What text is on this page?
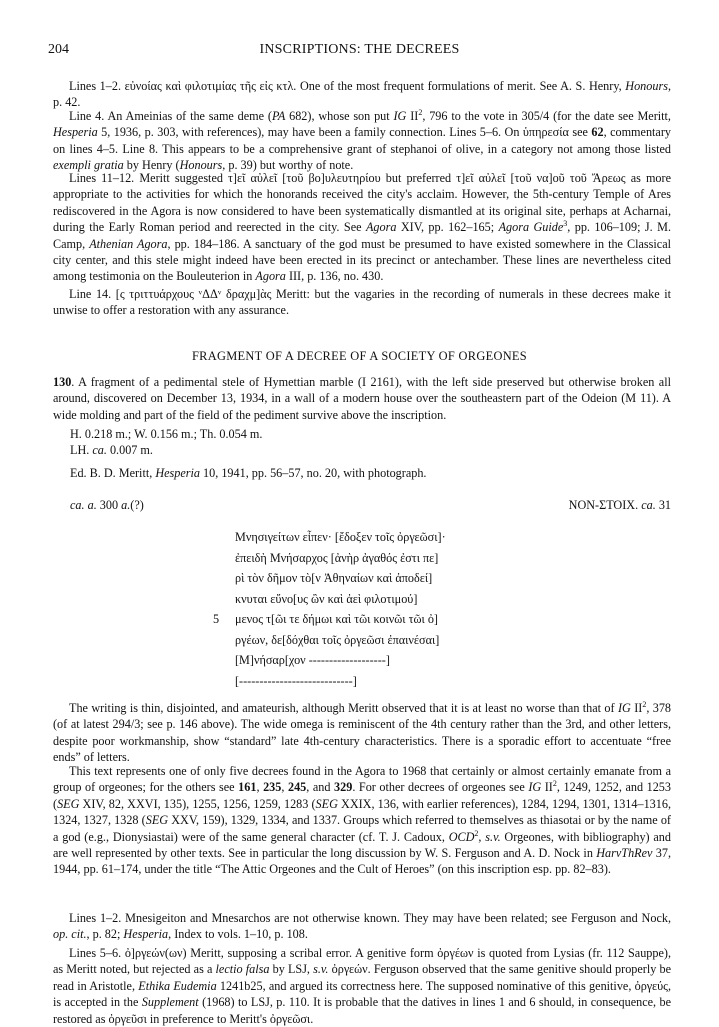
204	INSCRIPTIONS: THE DECREES

Lines 1–2. εὐνοίας καὶ φιλοτιμίας τῆς εἰς κτλ. One of the most frequent formulations of merit. See A. S. Henry, Honours, p. 42.

Line 4. An Ameinias of the same deme (PA 682), whose son put IG $II^2$, 796 to the vote in 305/4 (for the date see Meritt, Hesperia 5, 1936, p. 303, with references), may have been a family connection. Lines 5–6. On ὑπηρεσία see 62, commentary on lines 4–5. Line 8. This appears to be a comprehensive grant of stephanoi of olive, in a category not among those listed exempli gratia by Henry (Honours, p. 39) but worthy of note.

Lines 11–12. Meritt suggested τ]εῖ αὐλεῖ [τοῦ βο]υλευτηρίου but preferred τ]εῖ αὐλεῖ [τοῦ να]οῦ τοῦ Ἄρεως as more appropriate to the activities for which the honorands received the city's acclaim. However, the 5th-century Temple of Ares rediscovered in the Agora is now considered to have been systematically dismantled at its original site, perhaps at Acharnai, during the Early Roman period and reerected in the city. See Agora XIV, pp. 162–165; Agora Guide$^3$, pp. 106–109; J. M. Camp, Athenian Agora, pp. 184–186. A sanctuary of the god must be presumed to have existed somewhere in the Classical city center, and this stele might indeed have been erected in its precinct or antechamber. These lines are nevertheless cited among testimonia on the Bouleuterion in Agora III, p. 136, no. 430.

Line 14. [ς τριττυάρχους ᵛΔΔᵛ δραχμ]ὰς Meritt: but the vagaries in the recording of numerals in these decrees make it unwise to offer a restoration with any assurance.

FRAGMENT OF A DECREE OF A SOCIETY OF ORGEONES

130. A fragment of a pedimental stele of Hymettian marble (I 2161), with the left side preserved but otherwise broken all around, discovered on December 13, 1934, in a wall of a modern house over the southeastern part of the Odeion (M 11). A wide molding and part of the field of the pediment survive above the inscription.

H. 0.218 m.; W. 0.156 m.; Th. 0.054 m.
LH. ca. 0.007 m.
Ed. B. D. Meritt, Hesperia 10, 1941, pp. 56–57, no. 20, with photograph.
ca. a. 300 a.(?)	NON-ΣΤΟΙΧ. ca. 31
Μνησιγείτων εἶπεν· [ἔδοξεν τοῖς ὀργεῶσι]·
ἐπειδὴ Μνήσαρχος [ἀνὴρ ἀγαθός ἐστι πε]
ρὶ τὸν δῆμον τὸ[ν Ἀθηναίων καὶ ἀποδεί]
κνυται εὔνο[υς ὢν καὶ ἀεὶ φιλοτιμού]
5 μενος τ[ῶι τε δήμωι καὶ τῶι κοινῶι τῶι ὀ]
ργέων, δε[δόχθαι τοῖς ὀργεῶσι ἐπαινέσαι]
[Μ]νήσαρ[χον -------------------]
[----------------------------]

The writing is thin, disjointed, and amateurish, although Meritt observed that it is at least no worse than that of IG $II^2$, 378 (of at latest 294/3; see p. 146 above). The wide omega is reminiscent of the 4th century rather than the 3rd, and other letters, despite poor workmanship, show “standard” late 4th-century characteristics. There is a sporadic effort to accentuate “free ends” of letters.

This text represents one of only five decrees found in the Agora to 1968 that certainly or almost certainly emanate from a group of orgeones; for the others see 161, 235, 245, and 329. For other decrees of orgeones see IG $II^2$, 1249, 1252, and 1253 (SEG XIV, 82, XXVI, 135), 1255, 1256, 1259, 1283 (SEG XXIX, 136, with earlier references), 1284, 1294, 1301, 1314–1316, 1324, 1327, 1328 (SEG XXV, 159), 1329, 1334, and 1337. Groups which referred to themselves as thiasotai or by the name of a god (e.g., Dionysiastai) were of the same general character (cf. T. J. Cadoux, OCD$^2$, s.v. Orgeones, with bibliography) and are well represented by other texts. See in particular the long discussion by W. S. Ferguson and A. D. Nock in HarvThRev 37, 1944, pp. 61–174, under the title “The Attic Orgeones and the Cult of Heroes” (on this inscription esp. pp. 82–83).

Lines 1–2. Mnesigeiton and Mnesarchos are not otherwise known. They may have been related; see Ferguson and Nock, op. cit., p. 82; Hesperia, Index to vols. 1–10, p. 108.

Lines 5–6. ὀ]ργεών(ων) Meritt, supposing a scribal error. A genitive form ὀργέων is quoted from Lysias (fr. 112 Sauppe), as Meritt noted, but rejected as a lectio falsa by LSJ, s.v. ὀργεών. Ferguson observed that the same genitive should properly be read in Aristotle, Ethika Eudemia 1241b25, and argued its correctness here. The supposed nominative of this genitive, ὀργεύς, is accepted in the Supplement (1968) to LSJ, p. 110. It is probable that the datives in lines 1 and 6 should, in consequence, be restored as ὀργεῦσι in preference to Meritt's ὀργεῶσι.
